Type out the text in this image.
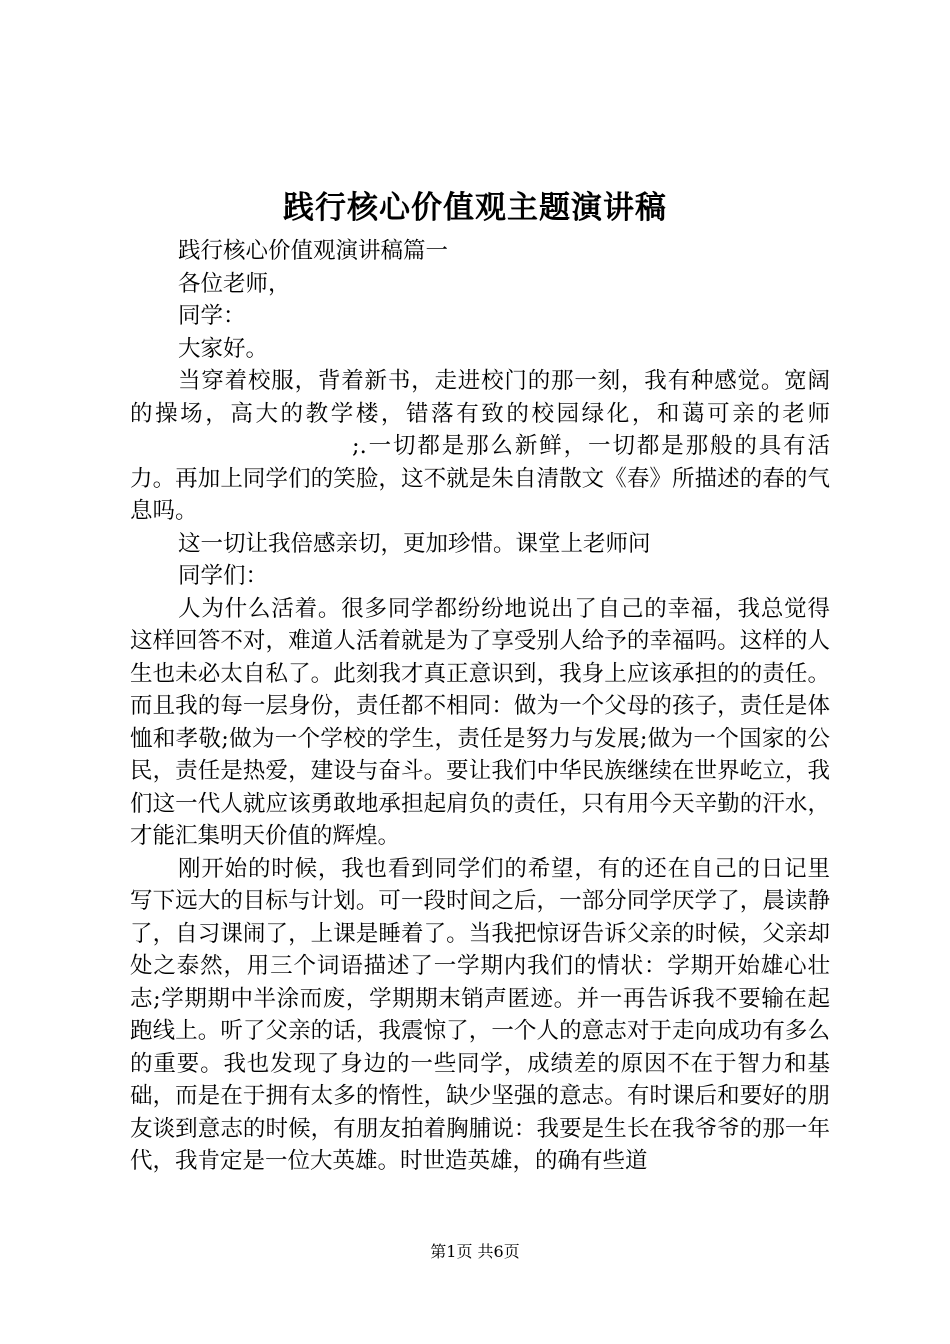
践行核心价值观主题演讲稿

践行核心价值观演讲稿篇一

各位老师，

同学：

大家好。

当穿着校服，背着新书，走进校门的那一刻，我有种感觉。宽阔的操场，高大的教学楼，错落有致的校园绿化，和蔼可亲的老师;.一切都是那么新鲜，一切都是那般的具有活力。再加上同学们的笑脸，这不就是朱自清散文《春》所描述的春的气息吗。

这一切让我倍感亲切，更加珍惜。课堂上老师问

同学们：

人为什么活着。很多同学都纷纷地说出了自己的幸福，我总觉得这样回答不对，难道人活着就是为了享受别人给予的幸福吗。这样的人生也未必太自私了。此刻我才真正意识到，我身上应该承担的的责任。而且我的每一层身份，责任都不相同：做为一个父母的孩子，责任是体恤和孝敬;做为一个学校的学生，责任是努力与发展;做为一个国家的公民，责任是热爱，建设与奋斗。要让我们中华民族继续在世界屹立，我们这一代人就应该勇敢地承担起肩负的责任，只有用今天辛勤的汗水，才能汇集明天价值的辉煌。

刚开始的时候，我也看到同学们的希望，有的还在自己的日记里写下远大的目标与计划。可一段时间之后，一部分同学厌学了，晨读静了，自习课闹了，上课是睡着了。当我把惊讶告诉父亲的时候，父亲却处之泰然，用三个词语描述了一学期内我们的情状：学期开始雄心壮志;学期期中半涂而废，学期期末销声匿迹。并一再告诉我不要输在起跑线上。听了父亲的话，我震惊了，一个人的意志对于走向成功有多么的重要。我也发现了身边的一些同学，成绩差的原因不在于智力和基础，而是在于拥有太多的惰性，缺少坚强的意志。有时课后和要好的朋友谈到意志的时候，有朋友拍着胸脯说：我要是生长在我爷爷的那一年代，我肯定是一位大英雄。时世造英雄，的确有些道

第1页 共6页
